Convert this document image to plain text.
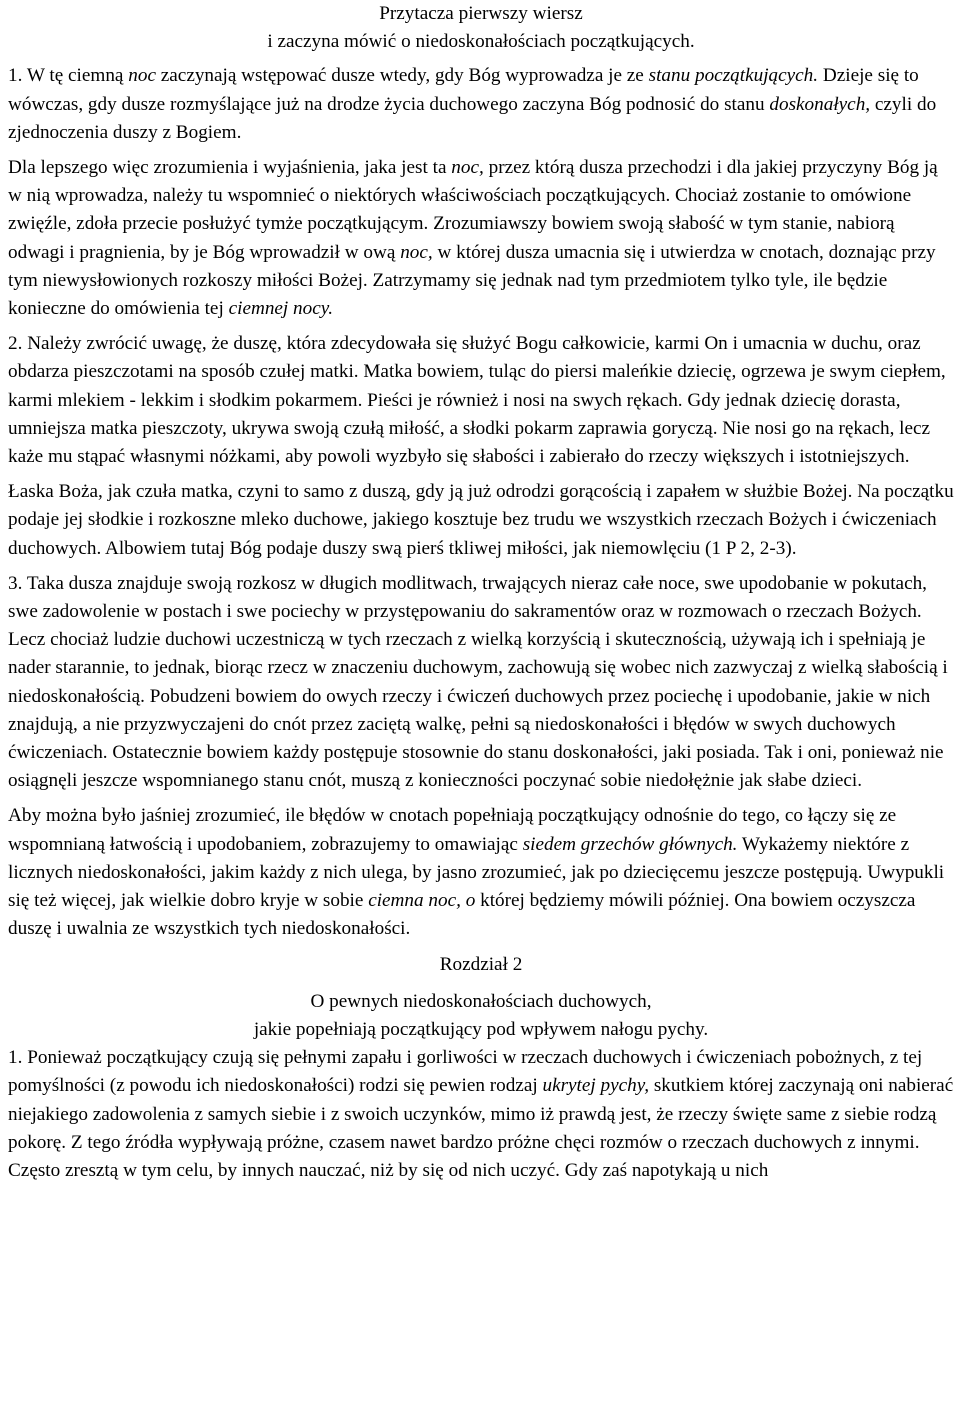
Przytacza pierwszy wiersz
i zaczyna mówić o niedoskonałościach początkujących.

1. W tę ciemną noc zaczynają wstępować dusze wtedy, gdy Bóg wyprowadza je ze stanu początkujących. Dzieje się to wówczas, gdy dusze rozmyślające już na drodze życia duchowego zaczyna Bóg podnosić do stanu doskonałych, czyli do zjednoczenia duszy z Bogiem.

Dla lepszego więc zrozumienia i wyjaśnienia, jaka jest ta noc, przez którą dusza przechodzi i dla jakiej przyczyny Bóg ją w nią wprowadza, należy tu wspomnieć o niektórych właściwościach początkujących. Chociaż zostanie to omówione zwięźle, zdoła przecie posłużyć tymże początkującym. Zrozumiawszy bowiem swoją słabość w tym stanie, nabiorą odwagi i pragnienia, by je Bóg wprowadził w ową noc, w której dusza umacnia się i utwierdza w cnotach, doznając przy tym niewysłowionych rozkoszy miłości Bożej. Zatrzymamy się jednak nad tym przedmiotem tylko tyle, ile będzie konieczne do omówienia tej ciemnej nocy.

2. Należy zwrócić uwagę, że duszę, która zdecydowała się służyć Bogu całkowicie, karmi On i umacnia w duchu, oraz obdarza pieszczotami na sposób czułej matki. Matka bowiem, tuląc do piersi maleńkie dziecię, ogrzewa je swym ciepłem, karmi mlekiem - lekkim i słodkim pokarmem. Pieści je również i nosi na swych rękach. Gdy jednak dziecię dorasta, umniejsza matka pieszczoty, ukrywa swoją czułą miłość, a słodki pokarm zaprawia goryczą. Nie nosi go na rękach, lecz każe mu stąpać własnymi nóżkami, aby powoli wyzbyło się słabości i zabierało do rzeczy większych i istotniejszych.

Łaska Boża, jak czuła matka, czyni to samo z duszą, gdy ją już odrodzi gorącością i zapałem w służbie Bożej. Na początku podaje jej słodkie i rozkoszne mleko duchowe, jakiego kosztuje bez trudu we wszystkich rzeczach Bożych i ćwiczeniach duchowych. Albowiem tutaj Bóg podaje duszy swą pierś tkliwej miłości, jak niemowlęciu (1 P 2, 2-3).

3. Taka dusza znajduje swoją rozkosz w długich modlitwach, trwających nieraz całe noce, swe upodobanie w pokutach, swe zadowolenie w postach i swe pociechy w przystępowaniu do sakramentów oraz w rozmowach o rzeczach Bożych. Lecz chociaż ludzie duchowi uczestniczą w tych rzeczach z wielką korzyścią i skutecznością, używają ich i spełniają je nader starannie, to jednak, biorąc rzecz w znaczeniu duchowym, zachowują się wobec nich zazwyczaj z wielką słabością i niedoskonałością. Pobudzeni bowiem do owych rzeczy i ćwiczeń duchowych przez pociechę i upodobanie, jakie w nich znajdują, a nie przyzwyczajeni do cnót przez zaciętą walkę, pełni są niedoskonałości i błędów w swych duchowych ćwiczeniach. Ostatecznie bowiem każdy postępuje stosownie do stanu doskonałości, jaki posiada. Tak i oni, ponieważ nie osiągnęli jeszcze wspomnianego stanu cnót, muszą z konieczności poczynać sobie niedołężnie jak słabe dzieci.

Aby można było jaśniej zrozumieć, ile błędów w cnotach popełniają początkujący odnośnie do tego, co łączy się ze wspomnianą łatwością i upodobaniem, zobrazujemy to omawiając siedem grzechów głównych. Wykażemy niektóre z licznych niedoskonałości, jakim każdy z nich ulega, by jasno zrozumieć, jak po dziecięcemu jeszcze postępują. Uwypukli się też więcej, jak wielkie dobro kryje w sobie ciemna noc, o której będziemy mówili później. Ona bowiem oczyszcza duszę i uwalnia ze wszystkich tych niedoskonałości.

Rozdział 2
O pewnych niedoskonałościach duchowych,
jakie popełniają początkujący pod wpływem nałogu pychy.

1. Ponieważ początkujący czują się pełnymi zapału i gorliwości w rzeczach duchowych i ćwiczeniach pobożnych, z tej pomyślności (z powodu ich niedoskonałości) rodzi się pewien rodzaj ukrytej pychy, skutkiem której zaczynają oni nabierać niejakiego zadowolenia z samych siebie i z swoich uczynków, mimo iż prawdą jest, że rzeczy święte same z siebie rodzą pokorę. Z tego źródła wypływają próżne, czasem nawet bardzo próżne chęci rozmów o rzeczach duchowych z innymi. Często zresztą w tym celu, by innych nauczać, niż by się od nich uczyć. Gdy zaś napotykają u nich
